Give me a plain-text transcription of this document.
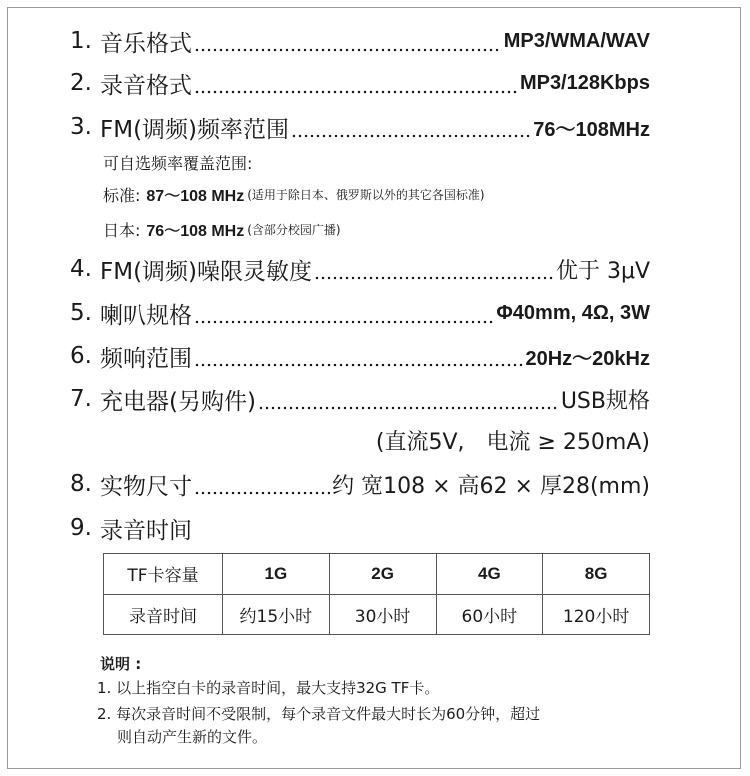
1. 音乐格式	MP3/WMA/WAV
2. 录音格式	MP3/128Kbps
3. FM(调频)频率范围	76～108MHz
可自选频率覆盖范围:
标准: 87～108 MHz (适用于除日本、俄罗斯以外的其它各国标准)
日本: 76～108 MHz (含部分校园广播)
4. FM(调频)噪限灵敏度	优于 3μV
5. 喇叭规格	Φ40mm, 4Ω, 3W
6. 频响范围	20Hz～20kHz
7. 充电器(另购件)	USB规格
(直流5V, 电流 ≥ 250mA)
8. 实物尺寸	约 宽108 × 高62 × 厚28(mm)
9. 录音时间
TF卡容量	1G	2G	4G	8G
录音时间	约15小时	30小时	60小时	120小时
说明 :
1. 以上指空白卡的录音时间，最大支持32G TF卡。
2. 每次录音时间不受限制，每个录音文件最大时长为60分钟，超过
则自动产生新的文件。
